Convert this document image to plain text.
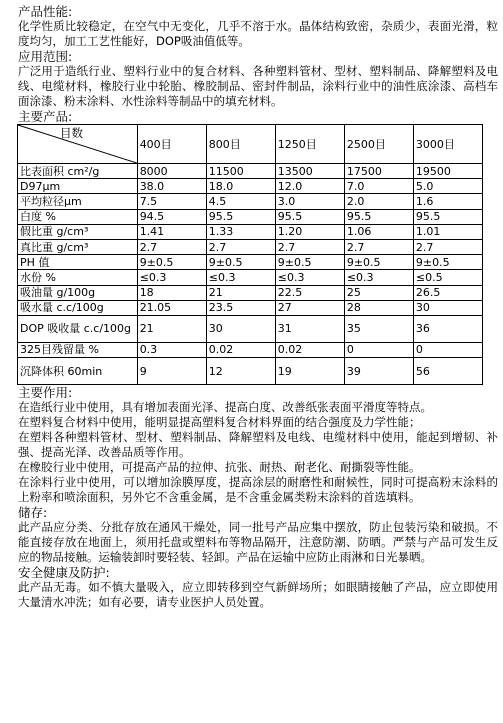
产品性能:

化学性质比较稳定，在空气中无变化，几乎不溶于水。晶体结构致密，杂质少，表面光滑，粒度均匀，加工工艺性能好，DOP吸油值低等。

应用范围:

广泛用于造纸行业、塑料行业中的复合材料、各种塑料管材、型材、塑料制品、降解塑料及电线、电缆材料，橡胶行业中轮胎、橡胶制品、密封件制品，涂料行业中的油性底涂漆、高档车面涂漆、粉末涂料、水性涂料等制品中的填充材料。

主要产品:

目数	400目	800目	1250目	2500目	3000目
比表面积 cm²/g	8000	11500	13500	17500	19500
D97μm	38.0	18.0	12.0	7.0	5.0
平均粒径μm	7.5	4.5	3.0	2.0	1.6
白度 %	94.5	95.5	95.5	95.5	95.5
假比重 g/cm³	1.41	1.33	1.20	1.06	1.01
真比重 g/cm³	2.7	2.7	2.7	2.7	2.7
PH 值	9±0.5	9±0.5	9±0.5	9±0.5	9±0.5
水份 %	≤0.3	≤0.3	≤0.3	≤0.3	≤0.5
吸油量 g/100g	18	21	22.5	25	26.5
吸水量 c.c/100g	21.05	23.5	27	28	30
DOP 吸收量 c.c/100g	21	30	31	35	36
325目残留量 %	0.3	0.02	0.02	0	0
沉降体积 60min	9	12	19	39	56

主要作用:

在造纸行业中使用，具有增加表面光泽、提高白度、改善纸张表面平滑度等特点。

在塑料复合材料中使用，能明显提高塑料复合材料界面的结合强度及力学性能；

在塑料各种塑料管材、型材、塑料制品、降解塑料及电线、电缆材料中使用，能起到增韧、补强、提高光泽、改善品质等作用。

在橡胶行业中使用，可提高产品的拉伸、抗张、耐热、耐老化、耐撕裂等性能。

在涂料行业中使用，可以增加涂膜厚度，提高涂层的耐磨性和耐候性，同时可提高粉末涂料的上粉率和喷涂面积，另外它不含重金属，是不含重金属类粉末涂料的首选填料。

储存:

此产品应分类、分批存放在通风干燥处，同一批号产品应集中摆放，防止包装污染和破损。不能直接存放在地面上，须用托盘或塑料布等物品隔开，注意防潮、防晒。严禁与产品可发生反应的物品接触。运输装卸时要轻装、轻卸。产品在运输中应防止雨淋和日光暴晒。

安全健康及防护:

此产品无毒。如不慎大量吸入，应立即转移到空气新鲜场所；如眼睛接触了产品，应立即使用大量清水冲洗；如有必要，请专业医护人员处置。
